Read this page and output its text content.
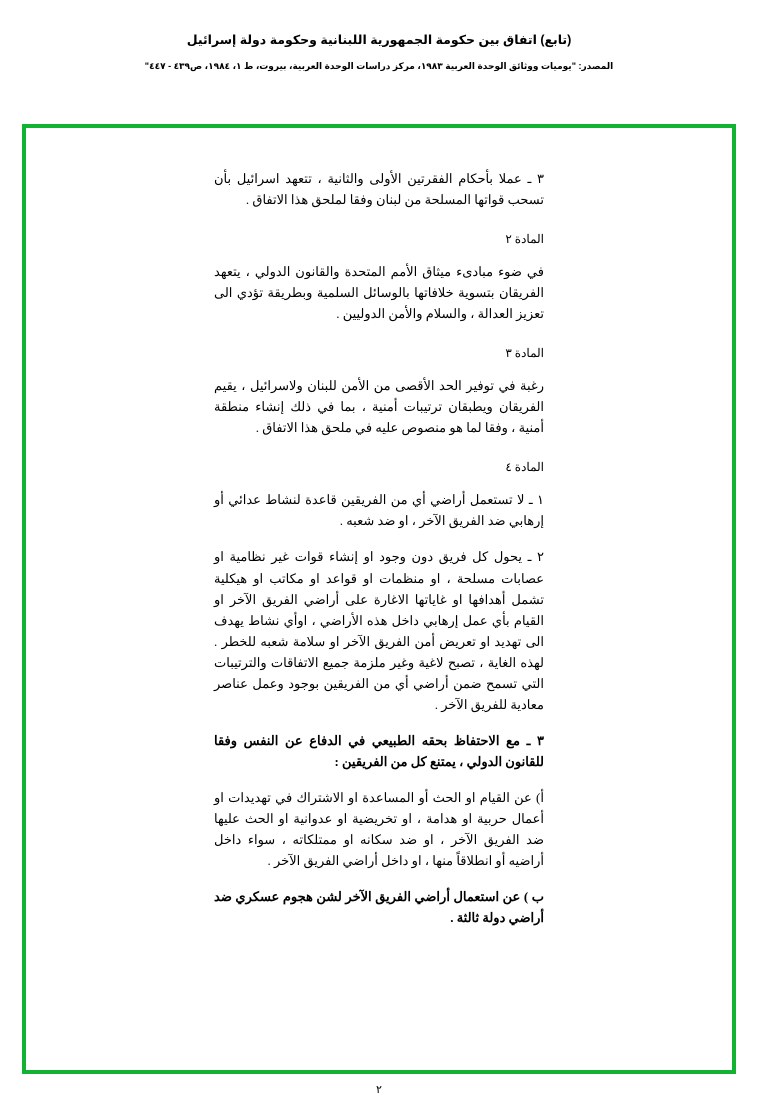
(تابع) اتفاق بين حكومة الجمهورية اللبنانية وحكومة دولة إسرائيل
المصدر: "يوميات ووثائق الوحدة العربية ١٩٨٣، مركز دراسات الوحدة العربية، بيروت، ط ١، ١٩٨٤، ص٤٣٩ - ٤٤٧"

٣ ـ عملا بأحكام الفقرتين الأولى والثانية ، تتعهد اسرائيل بأن تسحب قواتها المسلحة من لبنان وفقا لملحق هذا الاتفاق .

المادة ٢

في ضوء مبادىء ميثاق الأمم المتحدة والقانون الدولي ، يتعهد الفريقان بتسوية خلافاتها بالوسائل السلمية وبطريقة تؤدي الى تعزيز العدالة ، والسلام والأمن الدوليين .

المادة ٣

رغبة في توفير الحد الأقصى من الأمن للبنان ولاسرائيل ، يقيم الفريقان ويطبقان ترتيبات أمنية ، بما في ذلك إنشاء منطقة أمنية ، وفقا لما هو منصوص عليه في ملحق هذا الاتفاق .

المادة ٤

١ ـ لا تستعمل أراضي أي من الفريقين قاعدة لنشاط عدائي أو إرهابي ضد الفريق الآخر ، او ضد شعبه .

٢ ـ يحول كل فريق دون وجود او إنشاء قوات غير نظامية او عصابات مسلحة ، او منظمات او قواعد او مكاتب او هيكلية تشمل أهدافها او غاياتها الاغارة على أراضي الفريق الآخر او القيام بأي عمل إرهابي داخل هذه الأراضي ، اوأي نشاط يهدف الى تهديد او تعريض أمن الفريق الآخر او سلامة شعبه للخطر . لهذه الغاية ، تصبح لاغية وغير ملزمة جميع الاتفاقات والترتيبات التي تسمح ضمن أراضي أي من الفريقين بوجود وعمل عناصر معادية للفريق الآخر .

٣ ـ مع الاحتفاظ بحقه الطبيعي في الدفاع عن النفس وفقا للقانون الدولي ، يمتنع كل من الفريقين :

أ) عن القيام او الحث أو المساعدة او الاشتراك في تهديدات او أعمال حربية او هدامة ، او تخريضية او عدوانية او الحث عليها ضد الفريق الآخر ، او ضد سكانه او ممتلكاته ، سواء داخل أراضيه أو انطلاقاً منها ، او داخل أراضي الفريق الآخر .

ب ) عن استعمال أراضي الفريق الآخر لشن هجوم عسكري ضد أراضي دولة ثالثة .

٢
